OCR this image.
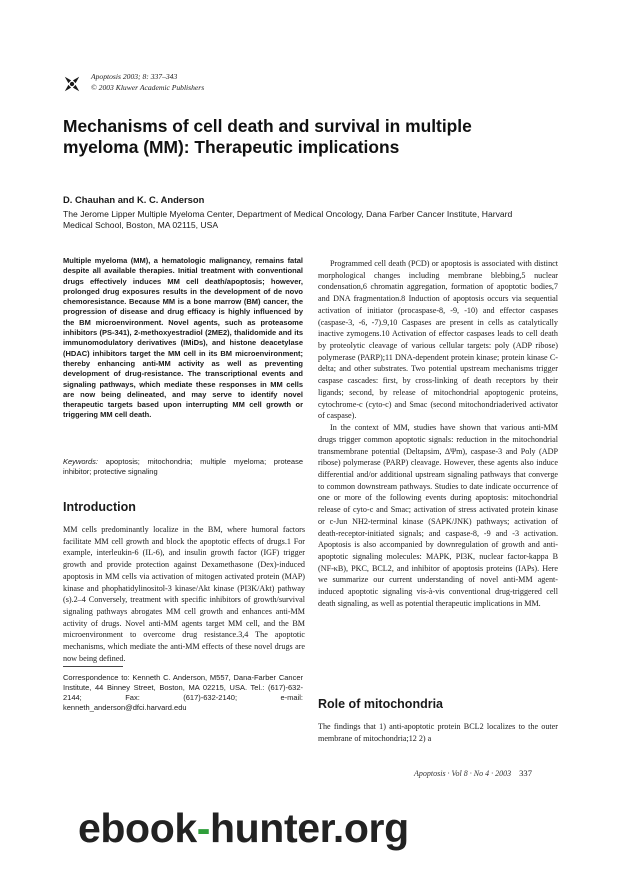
Apoptosis 2003; 8: 337–343
© 2003 Kluwer Academic Publishers
Mechanisms of cell death and survival in multiple myeloma (MM): Therapeutic implications
D. Chauhan and K. C. Anderson
The Jerome Lipper Multiple Myeloma Center, Department of Medical Oncology, Dana Farber Cancer Institute, Harvard Medical School, Boston, MA 02115, USA

Multiple myeloma (MM), a hematologic malignancy, remains fatal despite all available therapies. Initial treatment with conventional drugs effectively induces MM cell death/apoptosis; however, prolonged drug exposures results in the development of de novo chemoresistance. Because MM is a bone marrow (BM) cancer, the progression of disease and drug efficacy is highly influenced by the BM microenvironment. Novel agents, such as proteasome inhibitors (PS-341), 2-methoxyestradiol (2ME2), thalidomide and its immunomodulatory derivatives (IMiDs), and histone deacetylase (HDAC) inhibitors target the MM cell in its BM microenvironment; thereby enhancing anti-MM activity as well as preventing development of drug-resistance. The transcriptional events and signaling pathways, which mediate these responses in MM cells are now being delineated, and may serve to identify novel therapeutic targets based upon interrupting MM cell growth or triggering MM cell death.

Keywords: apoptosis; mitochondria; multiple myeloma; protease inhibitor; protective signaling

Introduction

MM cells predominantly localize in the BM, where humoral factors facilitate MM cell growth and block the apoptotic effects of drugs.1 For example, interleukin-6 (IL-6), and insulin growth factor (IGF) trigger growth and provide protection against Dexamethasone (Dex)-induced apoptosis in MM cells via activation of mitogen activated protein (MAP) kinase and phophatidylinositol-3 kinase/Akt kinase (PI3K/Akt) pathway (s).2–4 Conversely, treatment with specific inhibitors of growth/survival signaling pathways abrogates MM cell growth and enhances anti-MM activity of drugs. Novel anti-MM agents target MM cell, and the BM microenvironment to overcome drug resistance.3,4 The apoptotic mechanisms, which mediate the anti-MM effects of these novel drugs are now being defined.

Correspondence to: Kenneth C. Anderson, M557, Dana-Farber Cancer Institute, 44 Binney Street, Boston, MA 02215, USA. Tel.: (617)-632-2144; Fax: (617)-632-2140; e-mail: kenneth_anderson@dfci.harvard.edu

Programmed cell death (PCD) or apoptosis is associated with distinct morphological changes including membrane blebbing,5 nuclear condensation,6 chromatin aggregation, formation of apoptotic bodies,7 and DNA fragmentation.8 Induction of apoptosis occurs via sequential activation of initiator (procaspase-8, -9, -10) and effector caspases (caspase-3, -6, -7).9,10 Caspases are present in cells as catalytically inactive zymogens.10 Activation of effector caspases leads to cell death by proteolytic cleavage of various cellular targets: poly (ADP ribose) polymerase (PARP);11 DNA-dependent protein kinase; protein kinase C-delta; and other substrates. Two potential upstream mechanisms trigger caspase cascades: first, by cross-linking of death receptors by their ligands; second, by release of mitochondrial apoptogenic proteins, cytochrome-c (cyto-c) and Smac (second mitochondriaderived activator of caspase).

In the context of MM, studies have shown that various anti-MM drugs trigger common apoptotic signals: reduction in the mitochondrial transmembrane potential (Deltapsim, ΔΨm), caspase-3 and Poly (ADP ribose) polymerase (PARP) cleavage. However, these agents also induce differential and/or additional upstream signaling pathways that converge to common downstream pathways. Studies to date indicate occurrence of one or more of the following events during apoptosis: mitochondrial release of cyto-c and Smac; activation of stress activated protein kinase or c-Jun NH2-terminal kinase (SAPK/JNK) pathways; activation of death-receptor-initiated signals; and caspase-8, -9 and -3 activation. Apoptosis is also accompanied by downregulation of growth and anti-apoptotic signaling molecules: MAPK, PI3K, nuclear factor-kappa B (NF-κB), PKC, BCL2, and inhibitor of apoptosis proteins (IAPs). Here we summarize our current understanding of novel anti-MM agent-induced apoptotic signaling vis-à-vis conventional drug-triggered cell death signaling, as well as potential therapeutic implications in MM.

Role of mitochondria

The findings that 1) anti-apoptotic protein BCL2 localizes to the outer membrane of mitochondria;12 2) a

Apoptosis · Vol 8 · No 4 · 2003 337
ebook-hunter.org
